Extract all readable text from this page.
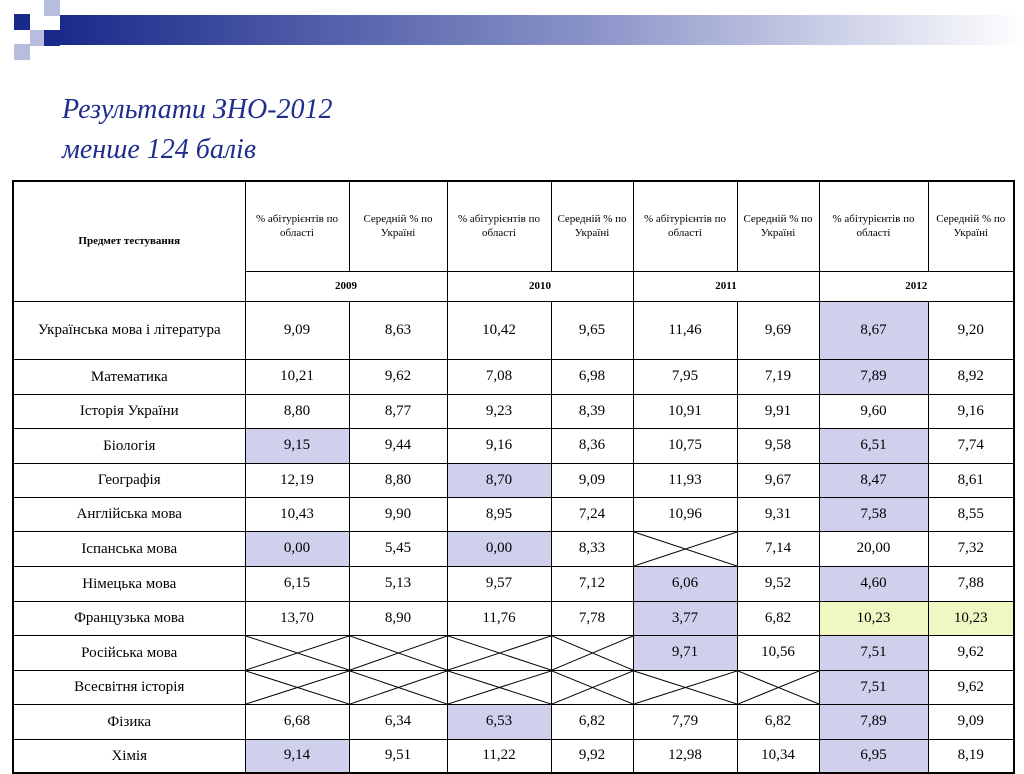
Результати ЗНО-2012
менше 124 балів
Предмет тестування	% абітурієнтів по області	Середній % по Україні	% абітурієнтів по області	Середній % по Україні	% абітурієнтів по області	Середній % по Україні	% абітурієнтів по області	Середній % по Україні
	2009		2010		2011		2012	
Українська мова і література	9,09	8,63	10,42	9,65	11,46	9,69	8,67	9,20
Математика	10,21	9,62	7,08	6,98	7,95	7,19	7,89	8,92
Історія України	8,80	8,77	9,23	8,39	10,91	9,91	9,60	9,16
Біологія	9,15	9,44	9,16	8,36	10,75	9,58	6,51	7,74
Географія	12,19	8,80	8,70	9,09	11,93	9,67	8,47	8,61
Англійська мова	10,43	9,90	8,95	7,24	10,96	9,31	7,58	8,55
Іспанська мова	0,00	5,45	0,00	8,33		7,14	20,00	7,32
Німецька мова	6,15	5,13	9,57	7,12	6,06	9,52	4,60	7,88
Французька мова	13,70	8,90	11,76	7,78	3,77	6,82	10,23	10,23
Російська мова					9,71	10,56	7,51	9,62
Всесвітня історія							7,51	9,62
Фізика	6,68	6,34	6,53	6,82	7,79	6,82	7,89	9,09
Хімія	9,14	9,51	11,22	9,92	12,98	10,34	6,95	8,19
